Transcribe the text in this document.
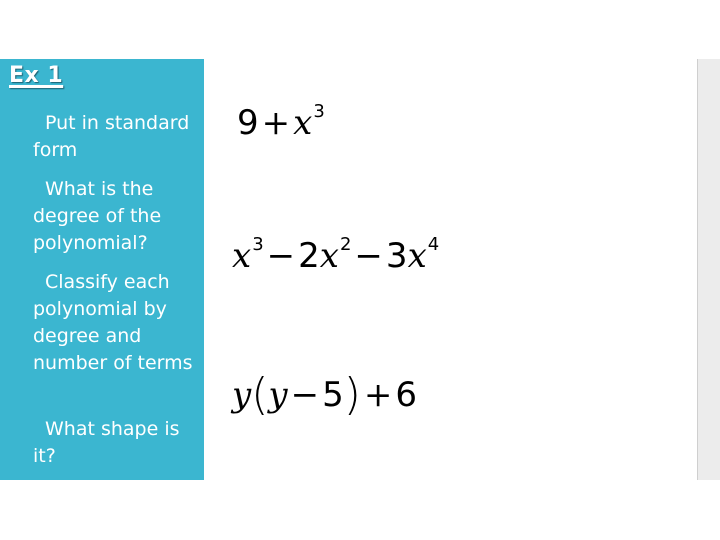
Ex 1
Put in standard form
What is the degree of the polynomial?
Classify each polynomial by degree and number of terms
What shape is it?
$9+x^3$
$x^3-2x^2-3x^4$
y(y−5)+6
